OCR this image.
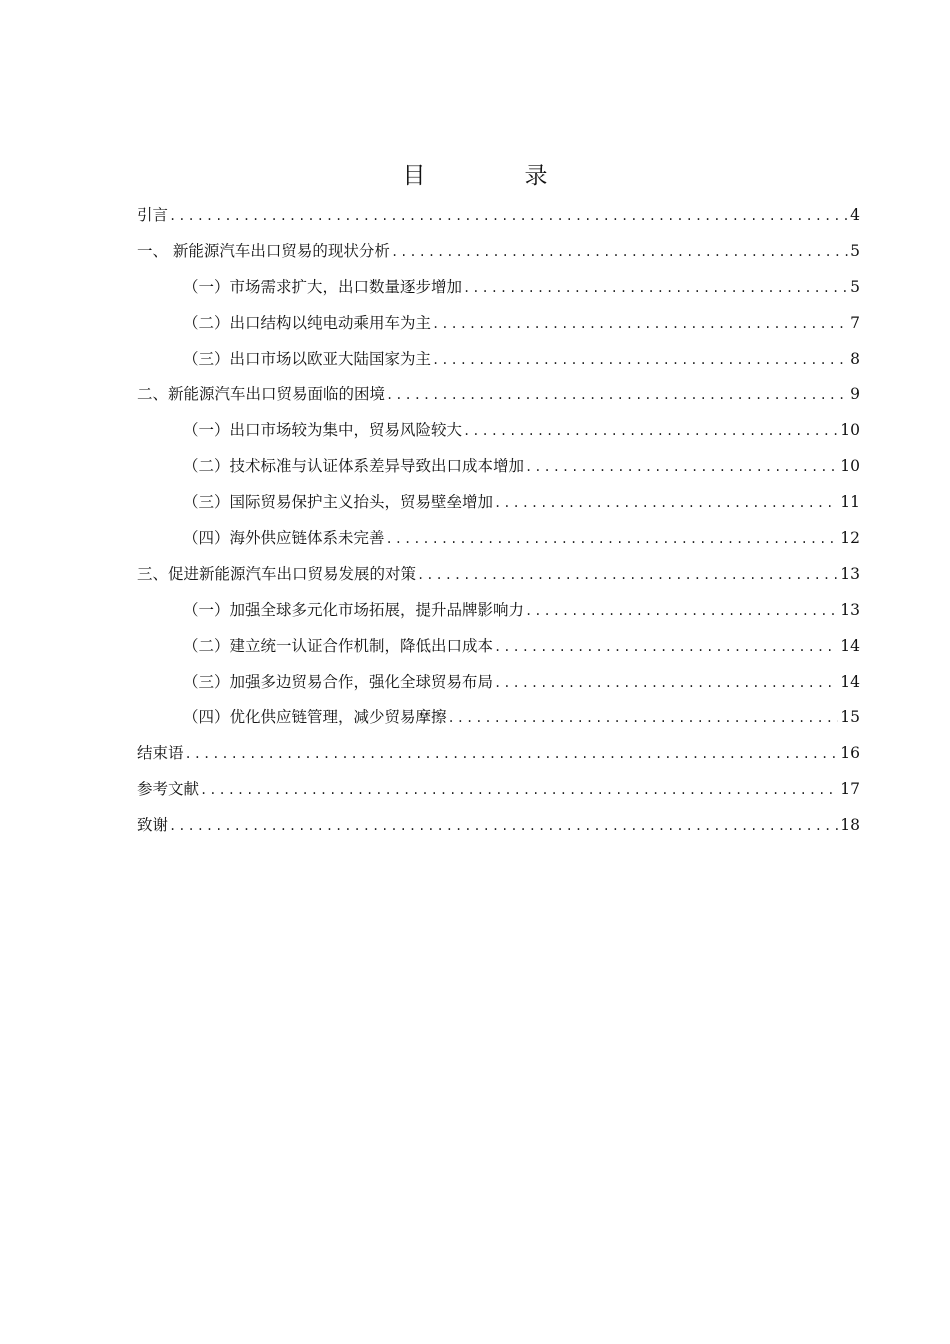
目　录
引言 .....	4
一、 新能源汽车出口贸易的现状分析 .....	5
（一）市场需求扩大，出口数量逐步增加 .....	5
（二）出口结构以纯电动乘用车为主 .....	7
（三）出口市场以欧亚大陆国家为主 .....	8
二、新能源汽车出口贸易面临的困境 .....	9
（一）出口市场较为集中，贸易风险较大 .....	10
（二）技术标准与认证体系差异导致出口成本增加 .....	10
（三）国际贸易保护主义抬头，贸易壁垒增加 .....	11
（四）海外供应链体系未完善 .....	12
三、促进新能源汽车出口贸易发展的对策 .....	13
（一）加强全球多元化市场拓展，提升品牌影响力 .....	13
（二）建立统一认证合作机制，降低出口成本 .....	14
（三）加强多边贸易合作，强化全球贸易布局 .....	14
（四）优化供应链管理，减少贸易摩擦 .....	15
结束语 .....	16
参考文献 .....	17
致谢 .....	18
